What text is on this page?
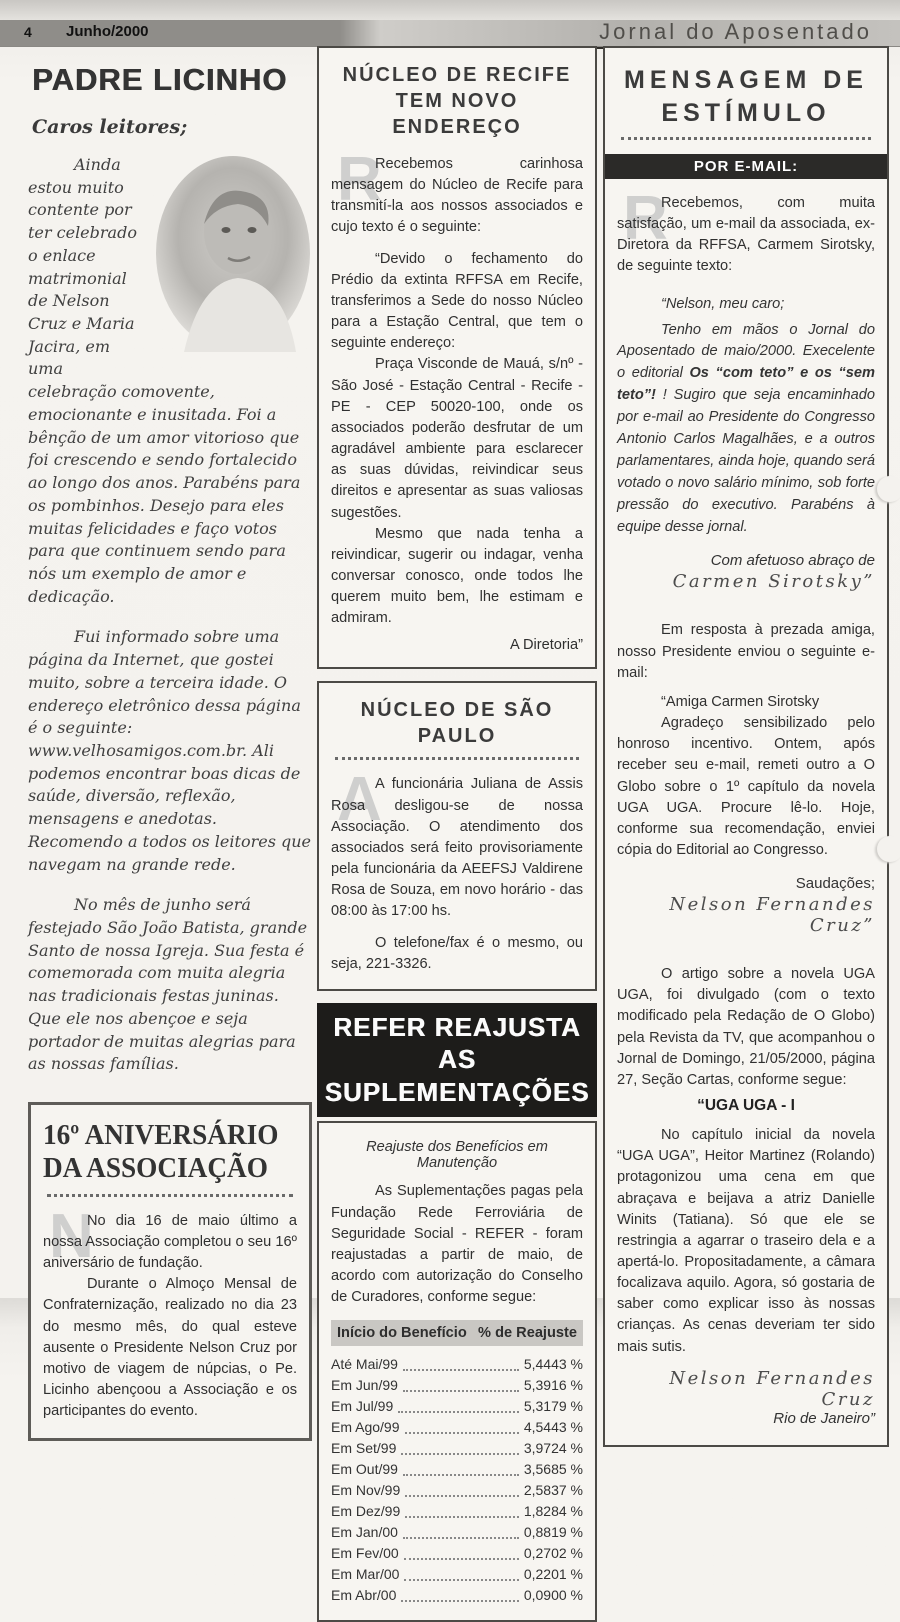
4 Junho/2000	Jornal do Aposentado
PADRE LICINHO
Caros leitores;

Ainda estou muito contente por ter celebrado o enlace matrimonial de Nelson Cruz e Maria Jacira, em uma celebração comovente, emocionante e inusitada. Foi a bênção de um amor vitorioso que foi crescendo e sendo fortalecido ao longo dos anos. Parabéns para os pombinhos. Desejo para eles muitas felicidades e faço votos para que continuem sendo para nós um exemplo de amor e dedicação.

Fui informado sobre uma página da Internet, que gostei muito, sobre a terceira idade. O endereço eletrônico dessa página é o seguinte: www.velhosamigos.com.br. Ali podemos encontrar boas dicas de saúde, diversão, reflexão, mensagens e anedotas. Recomendo a todos os leitores que navegam na grande rede.

No mês de junho será festejado São João Batista, grande Santo de nossa Igreja. Sua festa é comemorada com muita alegria nas tradicionais festas juninas. Que ele nos abençoe e seja portador de muitas alegrias para as nossas famílias.

16º ANIVERSÁRIO DA ASSOCIAÇÃO
N

No dia 16 de maio último a nossa Associação completou o seu 16º aniversário de fundação.

Durante o Almoço Mensal de Confraternização, realizado no dia 23 do mesmo mês, do qual esteve ausente o Presidente Nelson Cruz por motivo de viagem de núpcias, o Pe. Licinho abençoou a Associação e os participantes do evento.

NÚCLEO DE RECIFE TEM NOVO ENDEREÇO
R

Recebemos carinhosa mensagem do Núcleo de Recife para transmití-la aos nossos associados e cujo texto é o seguinte:

“Devido o fechamento do Prédio da extinta RFFSA em Recife, transferimos a Sede do nosso Núcleo para a Estação Central, que tem o seguinte endereço:

Praça Visconde de Mauá, s/nº - São José - Estação Central - Recife - PE - CEP 50020-100, onde os associados poderão desfrutar de um agradável ambiente para esclarecer as suas dúvidas, reivindicar seus direitos e apresentar as suas valiosas sugestões.

Mesmo que nada tenha a reivindicar, sugerir ou indagar, venha conversar conosco, onde todos lhe querem muito bem, lhe estimam e admiram.

A Diretoria”
NÚCLEO DE SÃO PAULO
A

A funcionária Juliana de Assis Rosa desligou-se de nossa Associação. O atendimento dos associados será feito provisoriamente pela funcionária da AEEFSJ Valdirene Rosa de Souza, em novo horário - das 08:00 às 17:00 hs.

O telefone/fax é o mesmo, ou seja, 221-3326.

REFER REAJUSTA AS SUPLEMENTAÇÕES
Reajuste dos Benefícios em Manutenção

As Suplementações pagas pela Fundação Rede Ferroviária de Seguridade Social - REFER - foram reajustadas a partir de maio, de acordo com autorização do Conselho de Curadores, conforme segue:

Início do Benefício % de Reajuste
Até Mai/99	5,4443 %
Em Jun/99	5,3916 %
Em Jul/99	5,3179 %
Em Ago/99	4,5443 %
Em Set/99	3,9724 %
Em Out/99	3,5685 %
Em Nov/99	2,5837 %
Em Dez/99	1,8284 %
Em Jan/00	0,8819 %
Em Fev/00	0,2702 %
Em Mar/00	0,2201 %
Em Abr/00	0,0900 %
MENSAGEM DE ESTÍMULO
POR E-MAIL:
R

Recebemos, com muita satisfação, um e-mail da associada, ex-Diretora da RFFSA, Carmem Sirotsky, de seguinte texto:

“Nelson, meu caro;

Tenho em mãos o Jornal do Aposentado de maio/2000. Execelente o editorial Os “com teto” e os “sem teto”! ! Sugiro que seja encaminhado por e-mail ao Presidente do Congresso Antonio Carlos Magalhães, e a outros parlamentares, ainda hoje, quando será votado o novo salário mínimo, sob forte pressão do executivo. Parabéns à equipe desse jornal.

Com afetuoso abraço de
Carmen Sirotsky”

Em resposta à prezada amiga, nosso Presidente enviou o seguinte e-mail:

“Amiga Carmen Sirotsky

Agradeço sensibilizado pelo honroso incentivo. Ontem, após receber seu e-mail, remeti outro a O Globo sobre o 1º capítulo da novela UGA UGA. Procure lê-lo. Hoje, conforme sua recomendação, enviei cópia do Editorial ao Congresso.

Saudações;
Nelson Fernandes Cruz”

O artigo sobre a novela UGA UGA, foi divulgado (com o texto modificado pela Redação de O Globo) pela Revista da TV, que acompanhou o Jornal de Domingo, 21/05/2000, página 27, Seção Cartas, conforme segue:

“UGA UGA - I

No capítulo inicial da novela “UGA UGA”, Heitor Martinez (Rolando) protagonizou uma cena em que abraçava e beijava a atriz Danielle Winits (Tatiana). Só que ele se restringia a agarrar o traseiro dela e a apertá-lo. Propositadamente, a câmara focalizava aquilo. Agora, só gostaria de saber como explicar isso às nossas crianças. As cenas deveriam ter sido mais sutis.

Nelson Fernandes Cruz
Rio de Janeiro”
